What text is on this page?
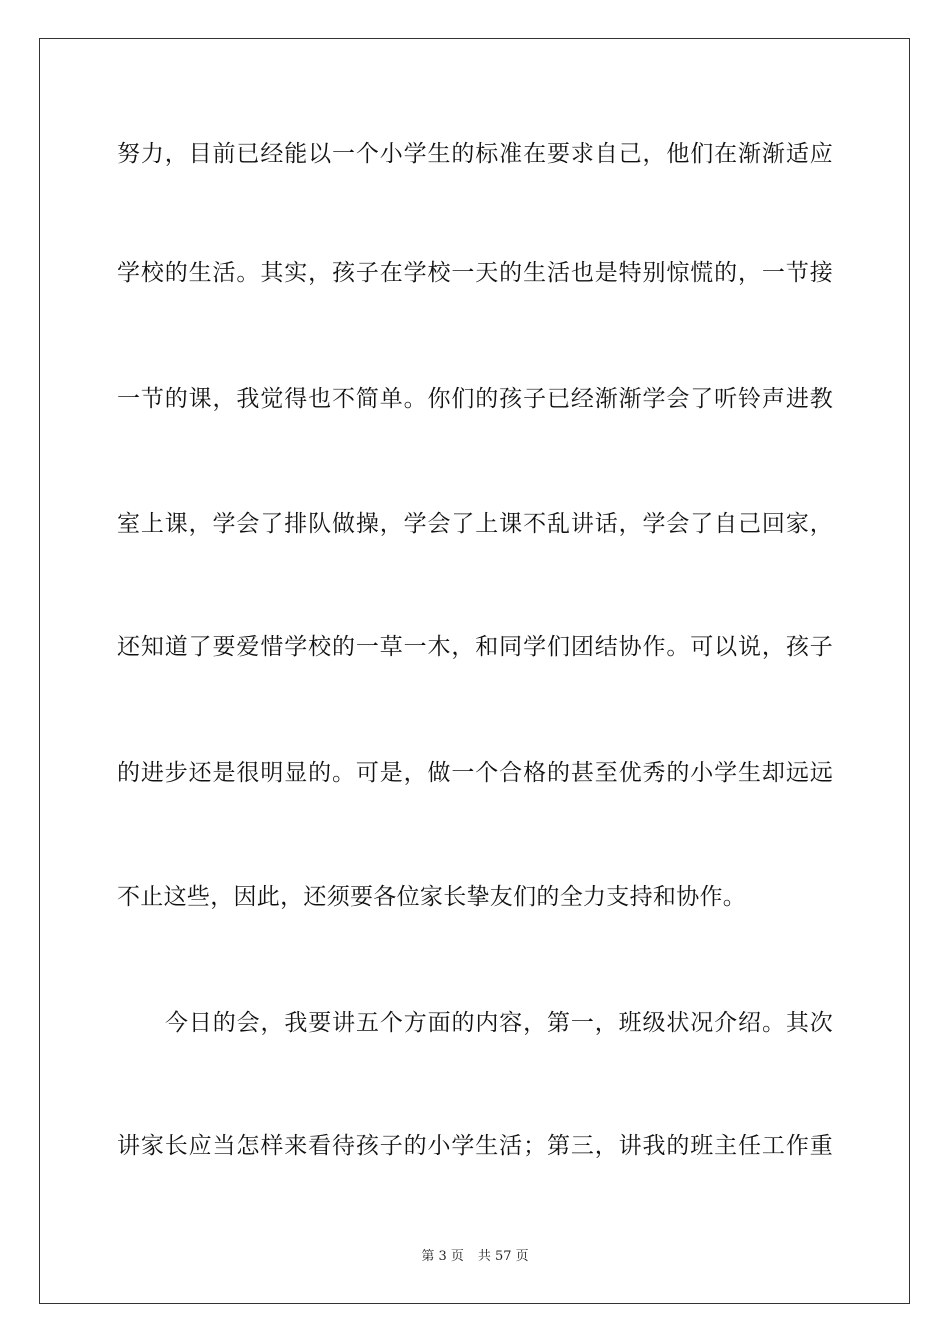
努力，目前已经能以一个小学生的标准在要求自己，他们在渐渐适应
学校的生活。其实，孩子在学校一天的生活也是特别惊慌的，一节接
一节的课，我觉得也不简单。你们的孩子已经渐渐学会了听铃声进教
室上课，学会了排队做操，学会了上课不乱讲话，学会了自己回家，
还知道了要爱惜学校的一草一木，和同学们团结协作。可以说，孩子
的进步还是很明显的。可是，做一个合格的甚至优秀的小学生却远远
不止这些，因此，还须要各位家长挚友们的全力支持和协作。
今日的会，我要讲五个方面的内容，第一，班级状况介绍。其次
讲家长应当怎样来看待孩子的小学生活；第三，讲我的班主任工作重
第 3 页 共 57 页
